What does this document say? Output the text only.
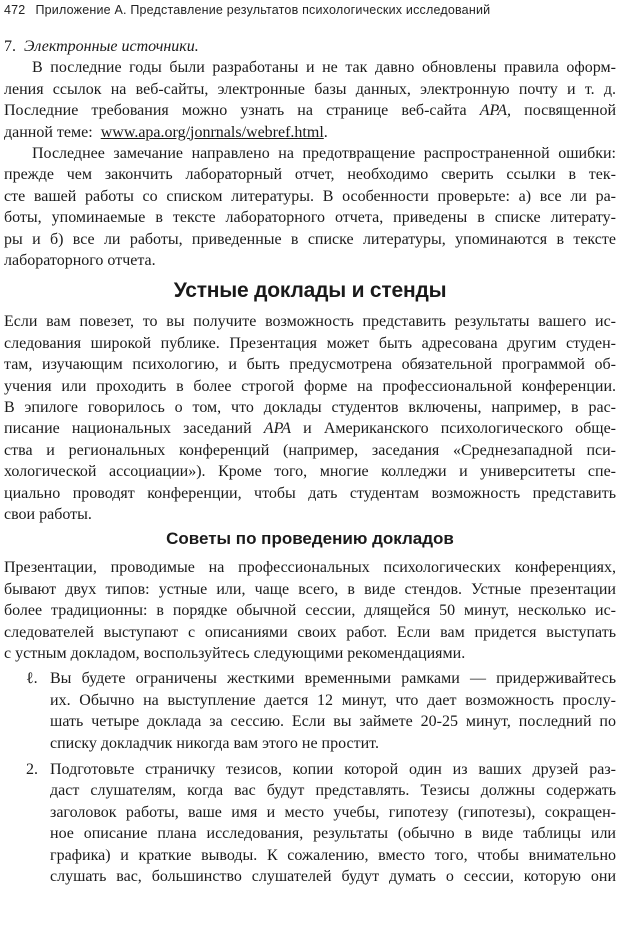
472 Приложение А. Представление результатов психологических исследований
7. Электронные источники.
В последние годы были разработаны и не так давно обновлены правила оформ-
ления ссылок на веб-сайты, электронные базы данных, электронную почту и т. д.
Последние требования можно узнать на странице веб-сайта APA, посвященной
данной теме: www.apa.org/jonrnals/webref.html.
Последнее замечание направлено на предотвращение распространенной ошибки:
прежде чем закончить лабораторный отчет, необходимо сверить ссылки в тек-
сте вашей работы со списком литературы. В особенности проверьте: а) все ли ра-
боты, упоминаемые в тексте лабораторного отчета, приведены в списке литерату-
ры и б) все ли работы, приведенные в списке литературы, упоминаются в тексте
лабораторного отчета.
Устные доклады и стенды
Если вам повезет, то вы получите возможность представить результаты вашего ис-
следования широкой публике. Презентация может быть адресована другим студен-
там, изучающим психологию, и быть предусмотрена обязательной программой об-
учения или проходить в более строгой форме на профессиональной конференции.
В эпилоге говорилось о том, что доклады студентов включены, например, в рас-
писание национальных заседаний APA и Американского психологического обще-
ства и региональных конференций (например, заседания «Среднезападной пси-
хологической ассоциации»). Кроме того, многие колледжи и университеты спе-
циально проводят конференции, чтобы дать студентам возможность представить
свои работы.
Советы по проведению докладов
Презентации, проводимые на профессиональных психологических конференциях,
бывают двух типов: устные или, чаще всего, в виде стендов. Устные презентации
более традиционны: в порядке обычной сессии, длящейся 50 минут, несколько ис-
следователей выступают с описаниями своих работ. Если вам придется выступать
с устным докладом, воспользуйтесь следующими рекомендациями.
ℓ. Вы будете ограничены жесткими временными рамками — придерживайтесь
их. Обычно на выступление дается 12 минут, что дает возможность прослу-
шать четыре доклада за сессию. Если вы займете 20-25 минут, последний по
списку докладчик никогда вам этого не простит.
2. Подготовьте страничку тезисов, копии которой один из ваших друзей раз-
даст слушателям, когда вас будут представлять. Тезисы должны содержать
заголовок работы, ваше имя и место учебы, гипотезу (гипотезы), сокращен-
ное описание плана исследования, результаты (обычно в виде таблицы или
графика) и краткие выводы. К сожалению, вместо того, чтобы внимательно
слушать вас, большинство слушателей будут думать о сессии, которую они
